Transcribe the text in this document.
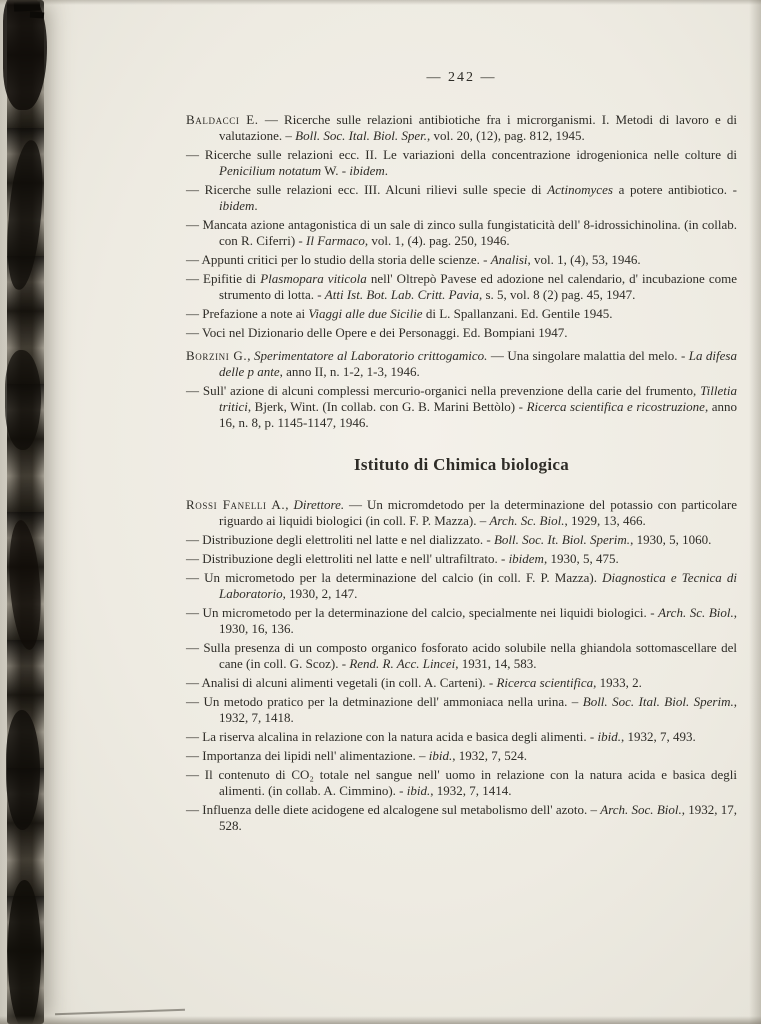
— 242 —

Baldacci E. — Ricerche sulle relazioni antibiotiche fra i microrganismi. I. Metodi di lavoro e di valutazione. – Boll. Soc. Ital. Biol. Sper., vol. 20, (12), pag. 812, 1945.

— Ricerche sulle relazioni ecc. II. Le variazioni della concentrazione idrogenionica nelle colture di Penicilium notatum W. - ibidem.

— Ricerche sulle relazioni ecc. III. Alcuni rilievi sulle specie di Actinomyces a potere antibiotico. - ibidem.

— Mancata azione antagonistica di un sale di zinco sulla fungistaticità dell' 8-idrossichinolina. (in collab. con R. Ciferri) - Il Farmaco, vol. 1, (4). pag. 250, 1946.

— Appunti critici per lo studio della storia delle scienze. - Analisi, vol. 1, (4), 53, 1946.

— Epifitie di Plasmopara viticola nell' Oltrepò Pavese ed adozione nel calendario, d' incubazione come strumento di lotta. - Atti Ist. Bot. Lab. Critt. Pavia, s. 5, vol. 8 (2) pag. 45, 1947.

— Prefazione a note ai Viaggi alle due Sicilie di L. Spallanzani. Ed. Gentile 1945.

— Voci nel Dizionario delle Opere e dei Personaggi. Ed. Bompiani 1947.

Borzini G., Sperimentatore al Laboratorio crittogamico. — Una singolare malattia del melo. - La difesa delle p ante, anno II, n. 1-2, 1-3, 1946.

— Sull' azione di alcuni complessi mercurio-organici nella prevenzione della carie del frumento, Tilletia tritici, Bjerk, Wint. (In collab. con G. B. Marini Bettòlo) - Ricerca scientifica e ricostruzione, anno 16, n. 8, p. 1145-1147, 1946.

Istituto di Chimica biologica

Rossi Fanelli A., Direttore. — Un micromdetodo per la determinazione del potassio con particolare riguardo ai liquidi biologici (in coll. F. P. Mazza). – Arch. Sc. Biol., 1929, 13, 466.

— Distribuzione degli elettroliti nel latte e nel dializzato. - Boll. Soc. It. Biol. Sperim., 1930, 5, 1060.

— Distribuzione degli elettroliti nel latte e nell' ultrafiltrato. - ibidem, 1930, 5, 475.

— Un micrometodo per la determinazione del calcio (in coll. F. P. Mazza). Diagnostica e Tecnica di Laboratorio, 1930, 2, 147.

— Un micrometodo per la determinazione del calcio, specialmente nei liquidi biologici. - Arch. Sc. Biol., 1930, 16, 136.

— Sulla presenza di un composto organico fosforato acido solubile nella ghiandola sottomascellare del cane (in coll. G. Scoz). - Rend. R. Acc. Lincei, 1931, 14, 583.

— Analisi di alcuni alimenti vegetali (in coll. A. Carteni). - Ricerca scientifica, 1933, 2.

— Un metodo pratico per la detminazione dell' ammoniaca nella urina. – Boll. Soc. Ital. Biol. Sperim., 1932, 7, 1418.

— La riserva alcalina in relazione con la natura acida e basica degli alimenti. - ibid., 1932, 7, 493.

— Importanza dei lipidi nell' alimentazione. – ibid., 1932, 7, 524.

— Il contenuto di CO₂ totale nel sangue nell' uomo in relazione con la natura acida e basica degli alimenti. (in collab. A. Cimmino). - ibid., 1932, 7, 1414.

— Influenza delle diete acidogene ed alcalogene sul metabolismo dell' azoto. – Arch. Soc. Biol., 1932, 17, 528.
